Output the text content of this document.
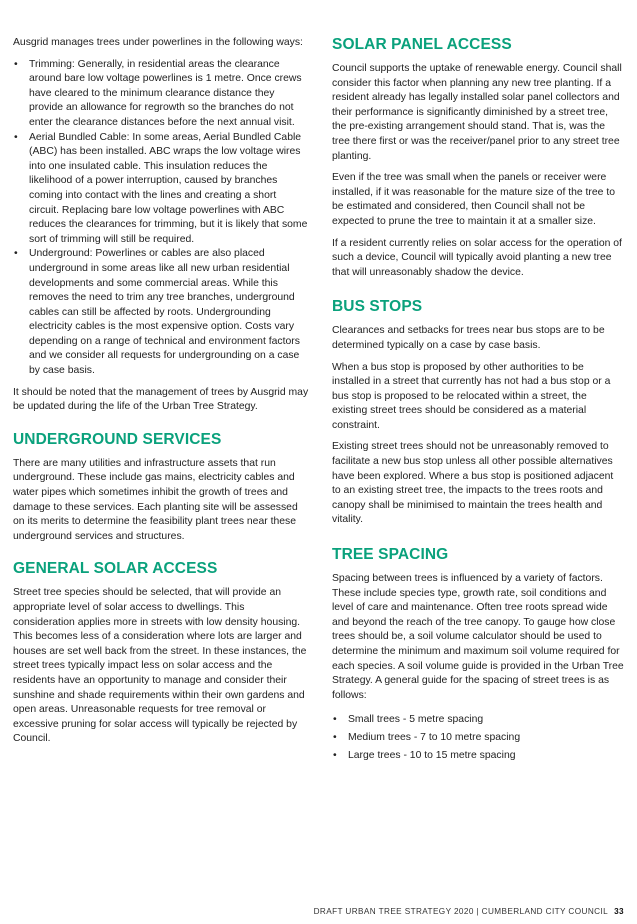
Ausgrid manages trees under powerlines in the following ways:

• Trimming: Generally, in residential areas the clearance around bare low voltage powerlines is 1 metre. Once crews have cleared to the minimum clearance distance they provide an allowance for regrowth so the branches do not enter the clearance distances before the next annual visit.
• Aerial Bundled Cable: In some areas, Aerial Bundled Cable (ABC) has been installed. ABC wraps the low voltage wires into one insulated cable. This insulation reduces the likelihood of a power interruption, caused by branches coming into contact with the lines and creating a short circuit. Replacing bare low voltage powerlines with ABC reduces the clearances for trimming, but it is likely that some sort of trimming will still be required.
• Underground: Powerlines or cables are also placed underground in some areas like all new urban residential developments and some commercial areas. While this removes the need to trim any tree branches, underground cables can still be affected by roots. Undergrounding electricity cables is the most expensive option. Costs vary depending on a range of technical and environment factors and we consider all requests for undergrounding on a case by case basis.

It should be noted that the management of trees by Ausgrid may be updated during the life of the Urban Tree Strategy.

UNDERGROUND SERVICES

There are many utilities and infrastructure assets that run underground. These include gas mains, electricity cables and water pipes which sometimes inhibit the growth of trees and damage to these services. Each planting site will be assessed on its merits to determine the feasibility plant trees near these underground services and structures.

GENERAL SOLAR ACCESS

Street tree species should be selected, that will provide an appropriate level of solar access to dwellings. This consideration applies more in streets with low density housing. This becomes less of a consideration where lots are larger and houses are set well back from the street. In these instances, the street trees typically impact less on solar access and the residents have an opportunity to manage and consider their sunshine and shade requirements within their own gardens and open areas. Unreasonable requests for tree removal or excessive pruning for solar access will typically be rejected by Council.

SOLAR PANEL ACCESS

Council supports the uptake of renewable energy. Council shall consider this factor when planning any new tree planting. If a resident already has legally installed solar panel collectors and their performance is significantly diminished by a street tree, the pre-existing arrangement should stand. That is, was the tree there first or was the receiver/panel prior to any street tree planting.

Even if the tree was small when the panels or receiver were installed, if it was reasonable for the mature size of the tree to be estimated and considered, then Council shall not be expected to prune the tree to maintain it at a smaller size.

If a resident currently relies on solar access for the operation of such a device, Council will typically avoid planting a new tree that will unreasonably shadow the device.

BUS STOPS

Clearances and setbacks for trees near bus stops are to be determined typically on a case by case basis.

When a bus stop is proposed by other authorities to be installed in a street that currently has not had a bus stop or a bus stop is proposed to be relocated within a street, the existing street trees should be considered as a material constraint.

Existing street trees should not be unreasonably removed to facilitate a new bus stop unless all other possible alternatives have been explored. Where a bus stop is positioned adjacent to an existing street tree, the impacts to the trees roots and canopy shall be minimised to maintain the trees health and vitality.

TREE SPACING

Spacing between trees is influenced by a variety of factors. These include species type, growth rate, soil conditions and level of care and maintenance. Often tree roots spread wide and beyond the reach of the tree canopy. To gauge how close trees should be, a soil volume calculator should be used to determine the minimum and maximum soil volume required for each species. A soil volume guide is provided in the Urban Tree Strategy. A general guide for the spacing of street trees is as follows:

• Small trees - 5 metre spacing
• Medium trees - 7 to 10 metre spacing
• Large trees - 10 to 15 metre spacing
DRAFT URBAN TREE STRATEGY 2020 | CUMBERLAND CITY COUNCIL 33
